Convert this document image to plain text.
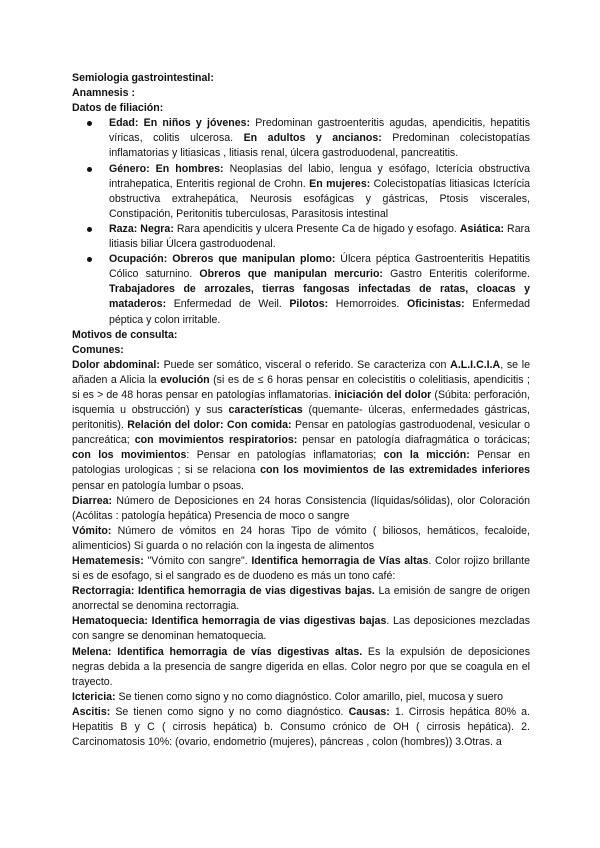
Semiologia gastrointestinal:

Anamnesis :

Datos de filiación:

Edad: En niños y jóvenes: Predominan gastroenteritis agudas, apendicitis, hepatitis víricas, colitis ulcerosa. En adultos y ancianos: Predominan colecistopatías inflamatorias y litiasicas , litiasis renal, úlcera gastroduodenal, pancreatitis.
Género: En hombres: Neoplasias del labio, lengua y esófago, Icterícia obstructiva intrahepatica, Enteritis regional de Crohn. En mujeres: Colecistopatías litiasicas Icterícia obstructiva extrahepática, Neurosis esofágicas y gástricas, Ptosis viscerales, Constipación, Peritonitis tuberculosas, Parasitosis intestinal
Raza: Negra: Rara apendicitis y ulcera Presente Ca de higado y esofago. Asiática: Rara litiasis biliar Úlcera gastroduodenal.
Ocupación: Obreros que manipulan plomo: Úlcera péptica Gastroenteritis Hepatitis Cólico saturnino. Obreros que manipulan mercurio: Gastro Enteritis coleriforme. Trabajadores de arrozales, tierras fangosas infectadas de ratas, cloacas y mataderos: Enfermedad de Weil. Pilotos: Hemorroides. Oficinistas: Enfermedad péptica y colon irritable.

Motivos de consulta:

Comunes:

Dolor abdominal: Puede ser somático, visceral o referido. Se caracteriza con A.L.I.C.I.A, se le añaden a Alicia la evolución (si es de ≤ 6 horas pensar en colecistitis o colelitiasis, apendicitis ; si es > de 48 horas pensar en patologías inflamatorias. iniciación del dolor (Súbita: perforación, isquemia u obstrucción) y sus características (quemante- úlceras, enfermedades gástricas, peritonitis). Relación del dolor: Con comida: Pensar en patologías gastroduodenal, vesicular o pancreática; con movimientos respiratorios: pensar en patología diafragmática o torácicas; con los movimientos: Pensar en patologías inflamatorias; con la micción: Pensar en patologias urologicas ; si se relaciona con los movimientos de las extremidades inferiores pensar en patología lumbar o psoas.

Diarrea: Número de Deposiciones en 24 horas Consistencia (líquidas/sólidas), olor Coloración (Acólitas : patología hepática) Presencia de moco o sangre

Vómito: Número de vómitos en 24 horas Tipo de vómito ( biliosos, hemáticos, fecaloide, alimenticios) Si guarda o no relación con la ingesta de alimentos

Hematemesis: "Vómito con sangre". Identifica hemorragia de Vías altas. Color rojizo brillante si es de esofago, si el sangrado es de duodeno es más un tono café:

Rectorragia: Identifica hemorragia de vias digestivas bajas. La emisión de sangre de origen anorrectal se denomina rectorragia.

Hematoquecia: Identifica hemorragia de vias digestivas bajas. Las deposiciones mezcladas con sangre se denominan hematoquecia.

Melena: Identifica hemorragia de vías digestivas altas. Es la expulsión de deposiciones negras debida a la presencia de sangre digerida en ellas. Color negro por que se coagula en el trayecto.

Ictericia: Se tienen como signo y no como diagnóstico. Color amarillo, piel, mucosa y suero

Ascitis: Se tienen como signo y no como diagnóstico. Causas: 1. Cirrosis hepática 80% a. Hepatitis B y C ( cirrosis hepática) b. Consumo crónico de OH ( cirrosis hepática). 2. Carcinomatosis 10%: (ovario, endometrio (mujeres), páncreas , colon (hombres)) 3.Otras. a
